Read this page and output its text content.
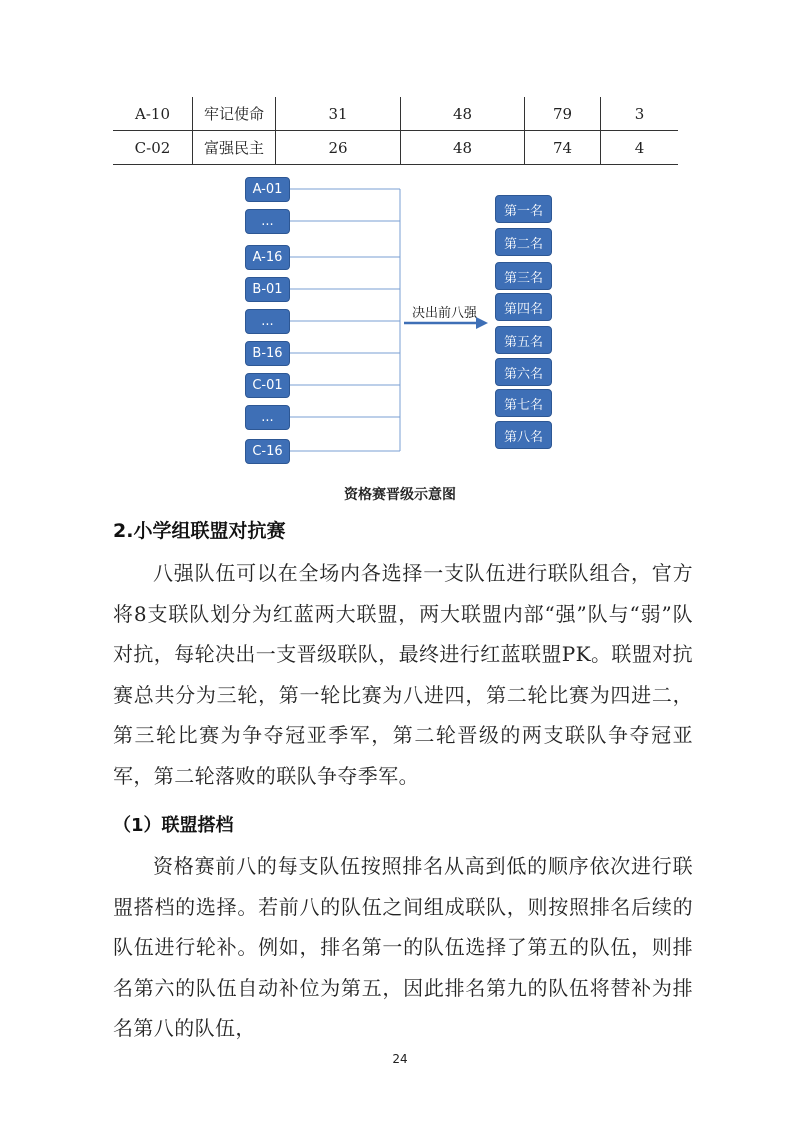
A-10	牢记使命	31	48	79	3
C-02	富强民主	26	48	74	4
A-01
...
A-16
B-01
...
B-16
C-01
...
C-16
决出前八强
第一名
第二名
第三名
第四名
第五名
第六名
第七名
第八名
资格赛晋级示意图
2.小学组联盟对抗赛

八强队伍可以在全场内各选择一支队伍进行联队组合，官方将8支联队划分为红蓝两大联盟，两大联盟内部“强”队与“弱”队对抗，每轮决出一支晋级联队，最终进行红蓝联盟PK。联盟对抗赛总共分为三轮，第一轮比赛为八进四，第二轮比赛为四进二，第三轮比赛为争夺冠亚季军，第二轮晋级的两支联队争夺冠亚军，第二轮落败的联队争夺季军。

（1）联盟搭档

资格赛前八的每支队伍按照排名从高到低的顺序依次进行联盟搭档的选择。若前八的队伍之间组成联队，则按照排名后续的队伍进行轮补。例如，排名第一的队伍选择了第五的队伍，则排名第六的队伍自动补位为第五，因此排名第九的队伍将替补为排名第八的队伍，

24
